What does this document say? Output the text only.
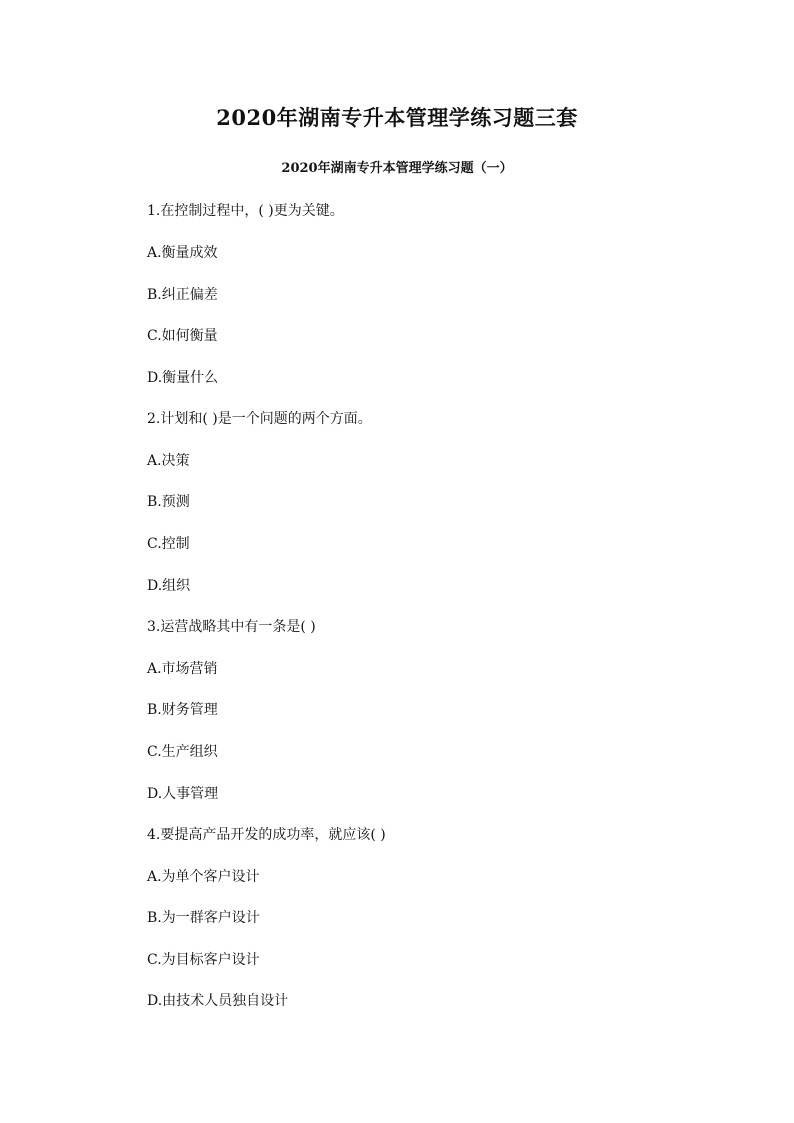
2020年湖南专升本管理学练习题三套
2020年湖南专升本管理学练习题（一）
1.在控制过程中，( )更为关键。
A.衡量成效
B.纠正偏差
C.如何衡量
D.衡量什么
2.计划和( )是一个问题的两个方面。
A.决策
B.预测
C.控制
D.组织
3.运营战略其中有一条是( )
A.市场营销
B.财务管理
C.生产组织
D.人事管理
4.要提高产品开发的成功率，就应该( )
A.为单个客户设计
B.为一群客户设计
C.为目标客户设计
D.由技术人员独自设计
